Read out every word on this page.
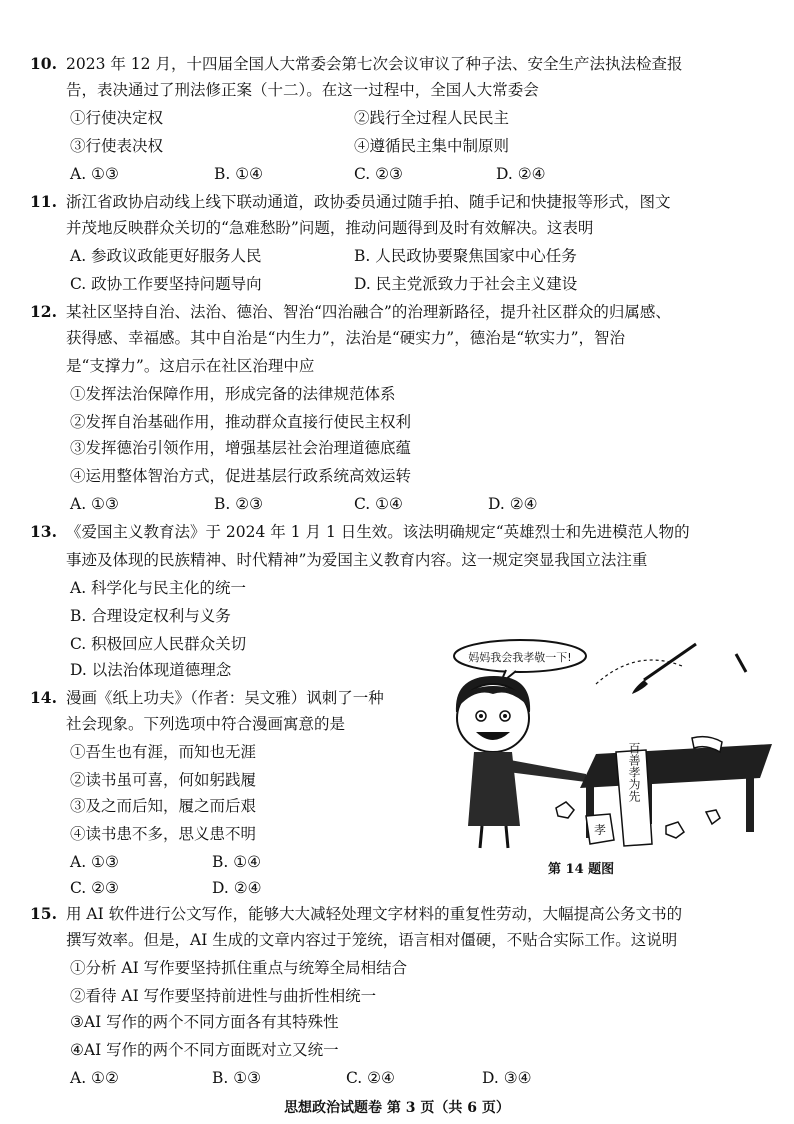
10. 2023 年 12 月，十四届全国人大常委会第七次会议审议了种子法、安全生产法执法检查报
告，表决通过了刑法修正案（十二）。在这一过程中，全国人大常委会
①行使决定权	②践行全过程人民民主
③行使表决权	④遵循民主集中制原则
A. ①③	B. ①④	C. ②③	D. ②④
11. 浙江省政协启动线上线下联动通道，政协委员通过随手拍、随手记和快捷报等形式，图文
并茂地反映群众关切的“急难愁盼”问题，推动问题得到及时有效解决。这表明
A. 参政议政能更好服务人民	B. 人民政协要聚焦国家中心任务
C. 政协工作要坚持问题导向	D. 民主党派致力于社会主义建设
12. 某社区坚持自治、法治、德治、智治“四治融合”的治理新路径，提升社区群众的归属感、
获得感、幸福感。其中自治是“内生力”，法治是“硬实力”，德治是“软实力”，智治
是“支撑力”。这启示在社区治理中应
①发挥法治保障作用，形成完备的法律规范体系
②发挥自治基础作用，推动群众直接行使民主权利
③发挥德治引领作用，增强基层社会治理道德底蕴
④运用整体智治方式，促进基层行政系统高效运转
A. ①③	B. ②③	C. ①④	D. ②④
13. 《爱国主义教育法》于 2024 年 1 月 1 日生效。该法明确规定“英雄烈士和先进模范人物的
事迹及体现的民族精神、时代精神”为爱国主义教育内容。这一规定突显我国立法注重
A. 科学化与民主化的统一
B. 合理设定权利与义务
C. 积极回应人民群众关切
D. 以法治体现道德理念
14. 漫画《纸上功夫》（作者：吴文雅）讽刺了一种
社会现象。下列选项中符合漫画寓意的是
①吾生也有涯，而知也无涯
②读书虽可喜，何如躬践履
③及之而后知，履之而后艰
④读书患不多，思义患不明
A. ①③	B. ①④
C. ②③	D. ②④
妈妈我会我孝敬一下!
百善孝为先
孝
第 14 题图
15. 用 AI 软件进行公文写作，能够大大减轻处理文字材料的重复性劳动，大幅提高公务文书的
撰写效率。但是，AI 生成的文章内容过于笼统，语言相对僵硬，不贴合实际工作。这说明
①分析 AI 写作要坚持抓住重点与统筹全局相结合
②看待 AI 写作要坚持前进性与曲折性相统一
③AI 写作的两个不同方面各有其特殊性
④AI 写作的两个不同方面既对立又统一
A. ①②	B. ①③	C. ②④	D. ③④
思想政治试题卷 第 3 页（共 6 页）
